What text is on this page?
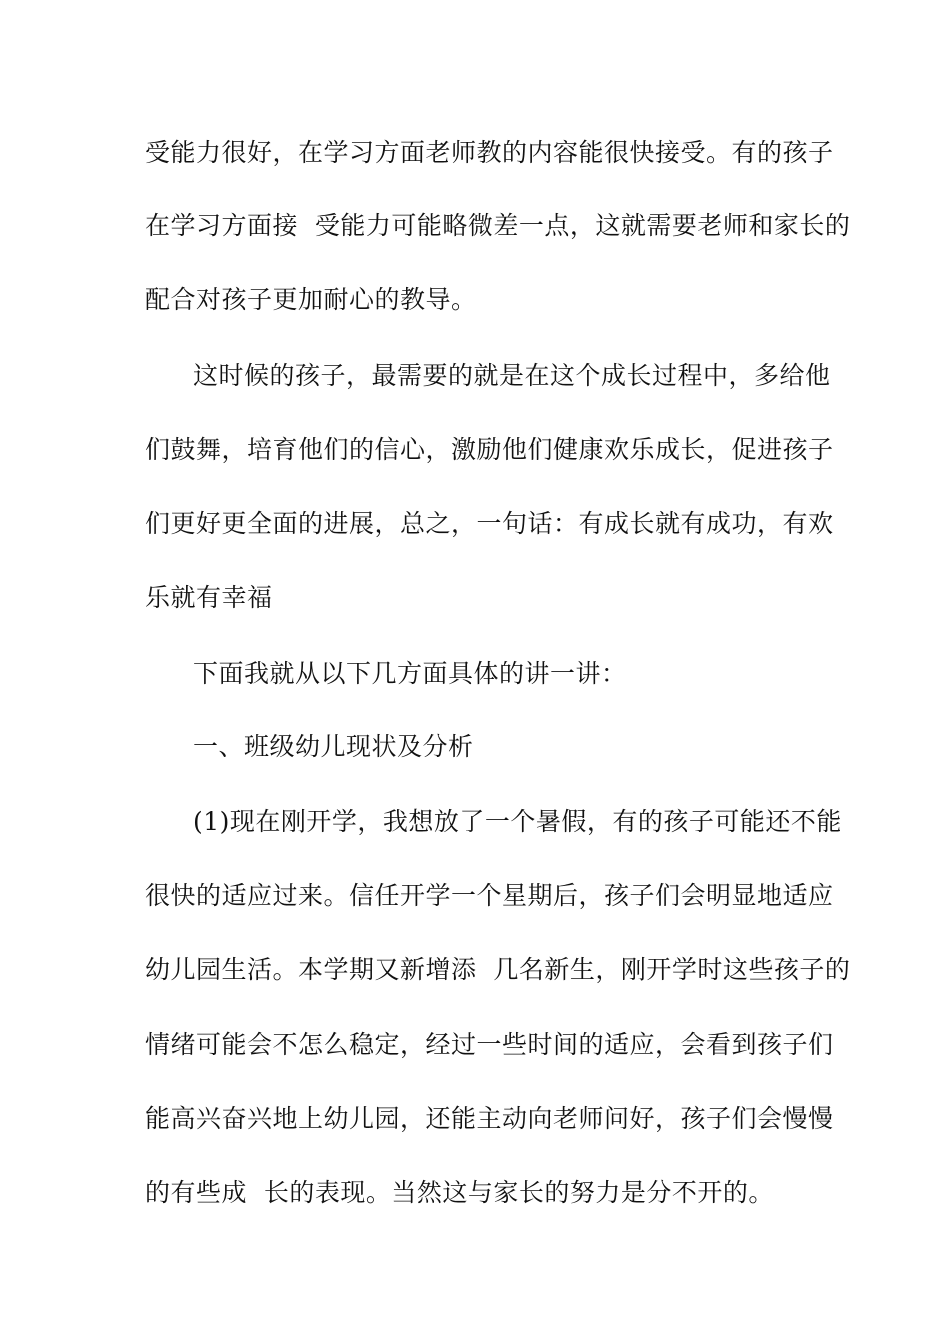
受能力很好，在学习方面老师教的内容能很快接受。有的孩子
在学习方面接  受能力可能略微差一点，这就需要老师和家长的
配合对孩子更加耐心的教导。
这时候的孩子，最需要的就是在这个成长过程中，多给他
们鼓舞，培育他们的信心，激励他们健康欢乐成长，促进孩子
们更好更全面的进展，总之，一句话：有成长就有成功，有欢
乐就有幸福
下面我就从以下几方面具体的讲一讲：
一、班级幼儿现状及分析
(1)现在刚开学，我想放了一个暑假，有的孩子可能还不能
很快的适应过来。信任开学一个星期后，孩子们会明显地适应
幼儿园生活。本学期又新增添  几名新生，刚开学时这些孩子的
情绪可能会不怎么稳定，经过一些时间的适应，会看到孩子们
能高兴奋兴地上幼儿园，还能主动向老师问好，孩子们会慢慢
的有些成  长的表现。当然这与家长的努力是分不开的。
